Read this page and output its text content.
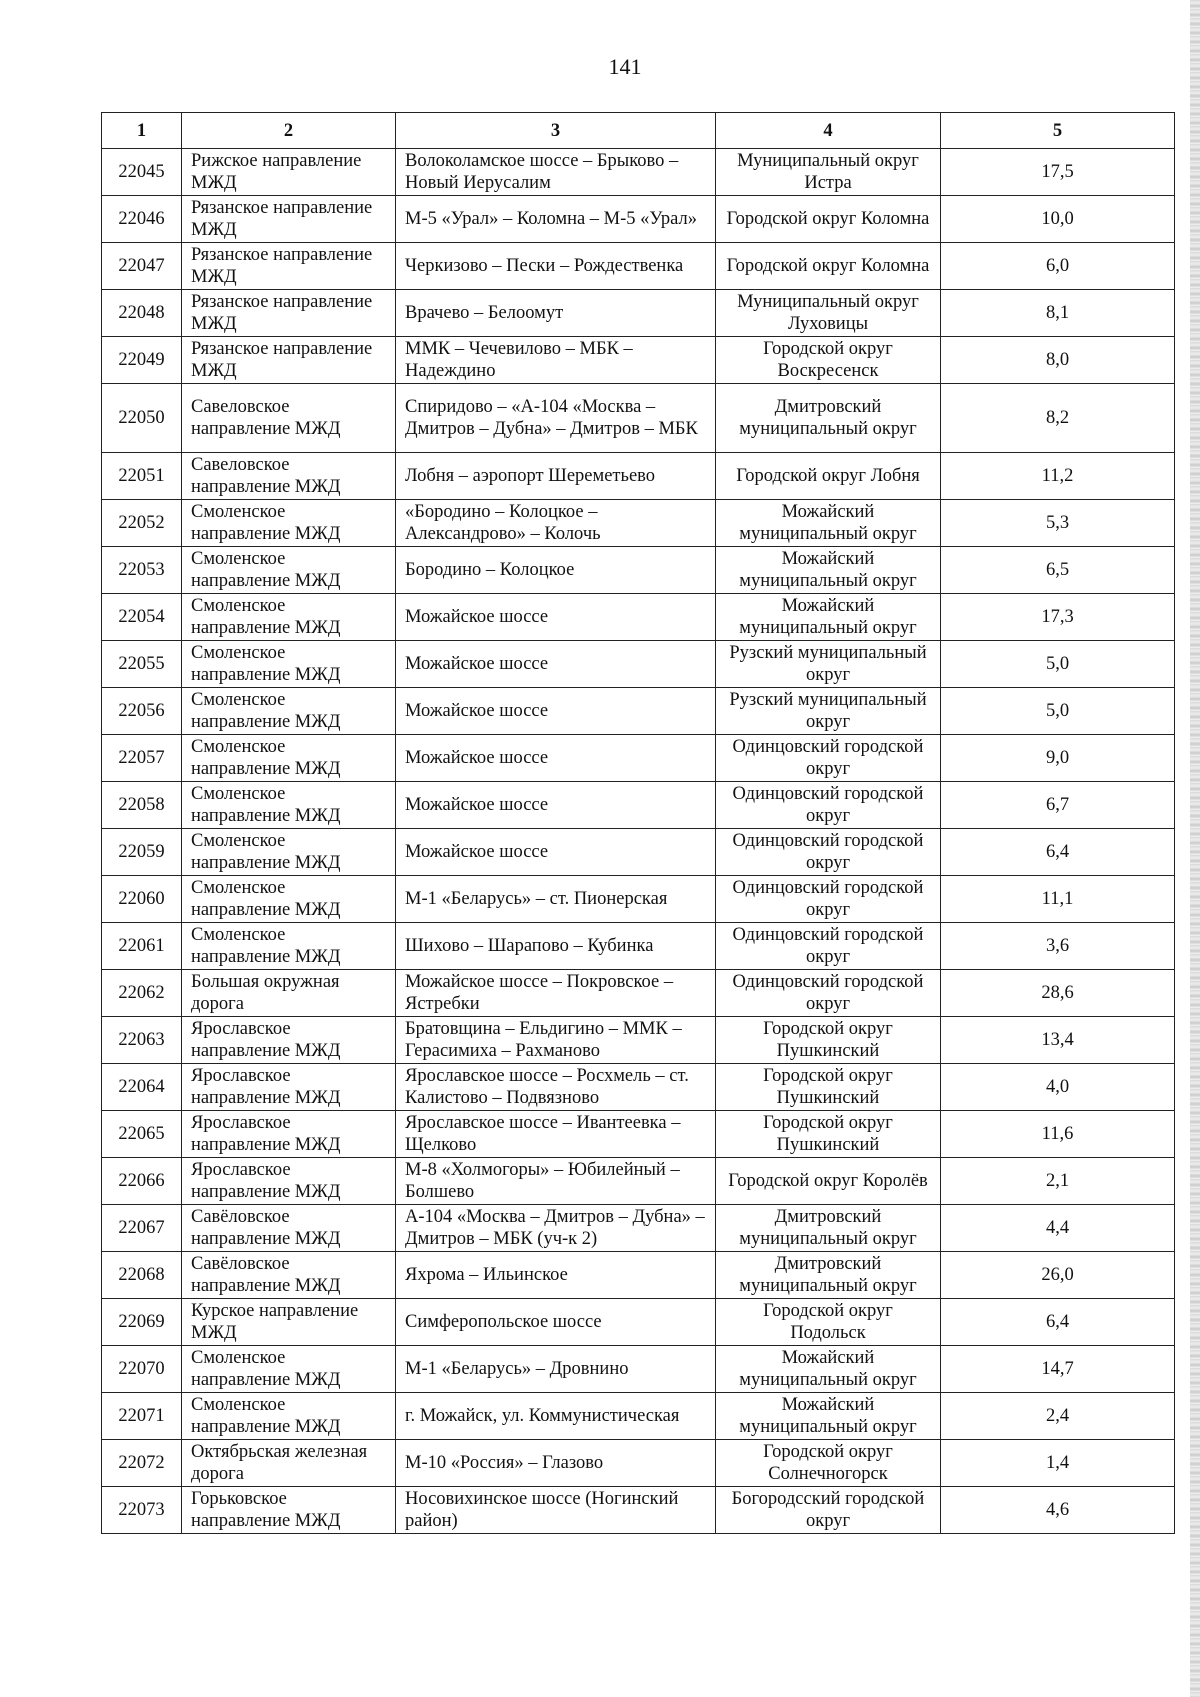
141
1	2	3	4	5
22045	Рижское направление МЖД	Волоколамское шоссе – Брыково – Новый Иерусалим	Муниципальный округ Истра	17,5
22046	Рязанское направление МЖД	М-5 «Урал» – Коломна – М-5 «Урал»	Городской округ Коломна	10,0
22047	Рязанское направление МЖД	Черкизово – Пески – Рождественка	Городской округ Коломна	6,0
22048	Рязанское направление МЖД	Врачево – Белоомут	Муниципальный округ Луховицы	8,1
22049	Рязанское направление МЖД	ММК – Чечевилово – МБК – Надеждино	Городской округ Воскресенск	8,0
22050	Савеловское направление МЖД	Спиридово – «А-104 «Москва – Дмитров – Дубна» – Дмитров – МБК	Дмитровский муниципальный округ	8,2
22051	Савеловское направление МЖД	Лобня – аэропорт Шереметьево	Городской округ Лобня	11,2
22052	Смоленское направление МЖД	«Бородино – Колоцкое – Александрово» – Колочь	Можайский муниципальный округ	5,3
22053	Смоленское направление МЖД	Бородино – Колоцкое	Можайский муниципальный округ	6,5
22054	Смоленское направление МЖД	Можайское шоссе	Можайский муниципальный округ	17,3
22055	Смоленское направление МЖД	Можайское шоссе	Рузский муниципальный округ	5,0
22056	Смоленское направление МЖД	Можайское шоссе	Рузский муниципальный округ	5,0
22057	Смоленское направление МЖД	Можайское шоссе	Одинцовский городской округ	9,0
22058	Смоленское направление МЖД	Можайское шоссе	Одинцовский городской округ	6,7
22059	Смоленское направление МЖД	Можайское шоссе	Одинцовский городской округ	6,4
22060	Смоленское направление МЖД	М-1 «Беларусь» – ст. Пионерская	Одинцовский городской округ	11,1
22061	Смоленское направление МЖД	Шихово – Шарапово – Кубинка	Одинцовский городской округ	3,6
22062	Большая окружная дорога	Можайское шоссе – Покровское – Ястребки	Одинцовский городской округ	28,6
22063	Ярославское направление МЖД	Братовщина – Ельдигино – ММК – Герасимиха – Рахманово	Городской округ Пушкинский	13,4
22064	Ярославское направление МЖД	Ярославское шоссе – Росхмель – ст. Калистово – Подвязново	Городской округ Пушкинский	4,0
22065	Ярославское направление МЖД	Ярославское шоссе – Ивантеевка – Щелково	Городской округ Пушкинский	11,6
22066	Ярославское направление МЖД	М-8 «Холмогоры» – Юбилейный – Болшево	Городской округ Королёв	2,1
22067	Савёловское направление МЖД	А-104 «Москва – Дмитров – Дубна» – Дмитров – МБК (уч-к 2)	Дмитровский муниципальный округ	4,4
22068	Савёловское направление МЖД	Яхрома – Ильинское	Дмитровский муниципальный округ	26,0
22069	Курское направление МЖД	Симферопольское шоссе	Городской округ Подольск	6,4
22070	Смоленское направление МЖД	М-1 «Беларусь» – Дровнино	Можайский муниципальный округ	14,7
22071	Смоленское направление МЖД	г. Можайск, ул. Коммунистическая	Можайский муниципальный округ	2,4
22072	Октябрьская железная дорога	М-10 «Россия» – Глазово	Городской округ Солнечногорск	1,4
22073	Горьковское направление МЖД	Носовихинское шоссе (Ногинский район)	Богородсский городской округ	4,6
